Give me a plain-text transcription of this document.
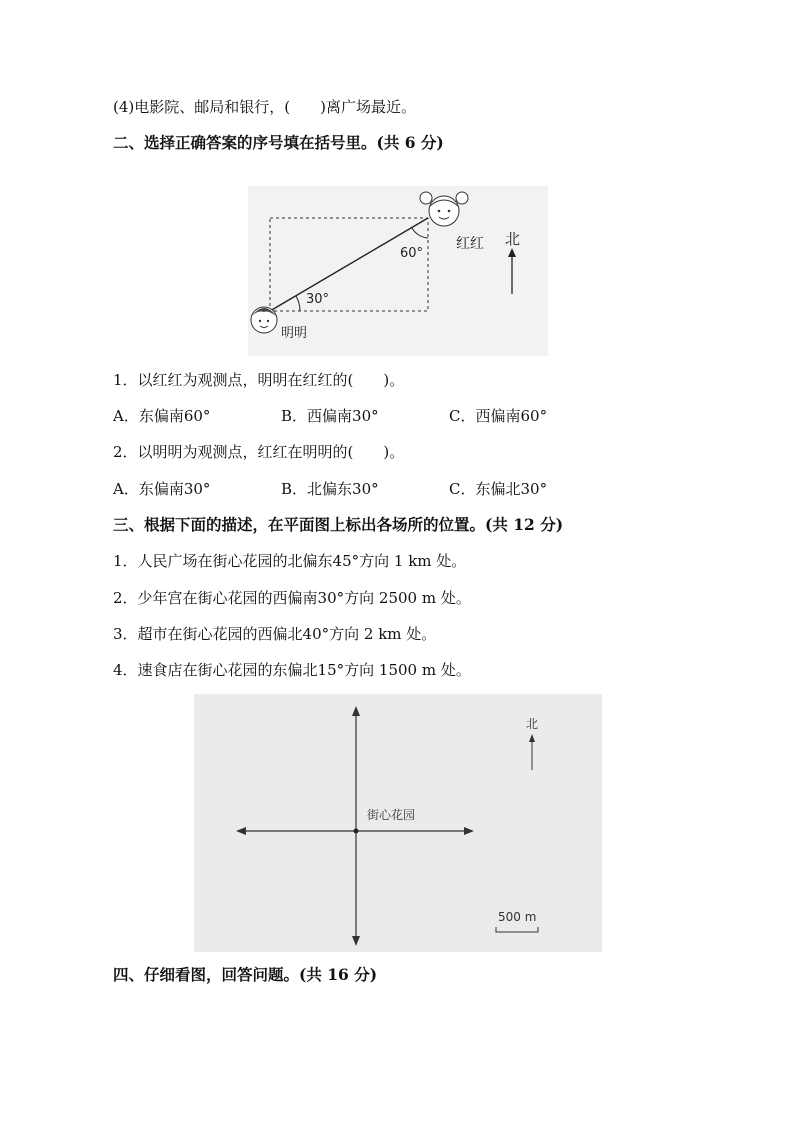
(4)电影院、邮局和银行，(　　)离广场最近。
二、选择正确答案的序号填在括号里。(共 6 分)
30°
60°
红红
明明
北
1．以红红为观测点，明明在红红的(　　)。
A．东偏南60°	B．西偏南30°	C．西偏南60°
2．以明明为观测点，红红在明明的(　　)。
A．东偏南30°	B．北偏东30°	C．东偏北30°
三、根据下面的描述，在平面图上标出各场所的位置。(共 12 分)
1．人民广场在街心花园的北偏东45°方向 1 km 处。
2．少年宫在街心花园的西偏南30°方向 2500 m 处。
3．超市在街心花园的西偏北40°方向 2 km 处。
4．速食店在街心花园的东偏北15°方向 1500 m 处。
街心花园
北
500 m
四、仔细看图，回答问题。(共 16 分)
